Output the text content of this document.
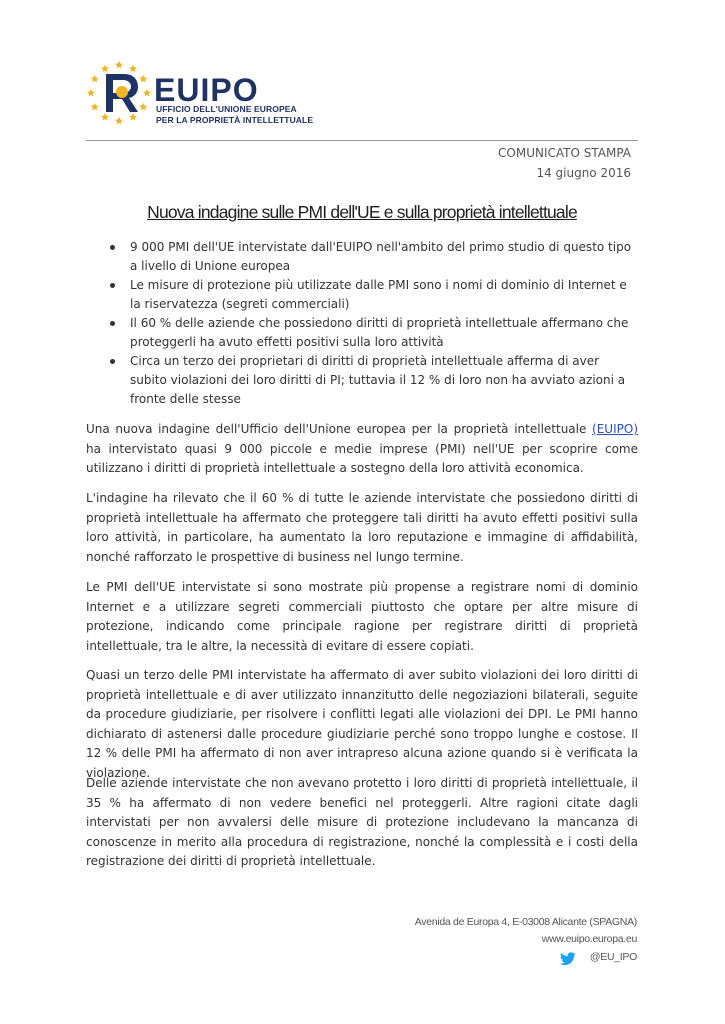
EUIPO
UFFICIO DELL'UNIONE EUROPEA
PER LA PROPRIETÀ INTELLETTUALE
COMUNICATO STAMPA
14 giugno 2016
Nuova indagine sulle PMI dell'UE e sulla proprietà intellettuale
9 000 PMI dell'UE intervistate dall'EUIPO nell'ambito del primo studio di questo tipo a livello di Unione europea
Le misure di protezione più utilizzate dalle PMI sono i nomi di dominio di Internet e la riservatezza (segreti commerciali)
Il 60 % delle aziende che possiedono diritti di proprietà intellettuale affermano che proteggerli ha avuto effetti positivi sulla loro attività
Circa un terzo dei proprietari di diritti di proprietà intellettuale afferma di aver subito violazioni dei loro diritti di PI; tuttavia il 12 % di loro non ha avviato azioni a fronte delle stesse

Una nuova indagine dell'Ufficio dell'Unione europea per la proprietà intellettuale (EUIPO) ha intervistato quasi 9 000 piccole e medie imprese (PMI) nell'UE per scoprire come utilizzano i diritti di proprietà intellettuale a sostegno della loro attività economica.

L'indagine ha rilevato che il 60 % di tutte le aziende intervistate che possiedono diritti di proprietà intellettuale ha affermato che proteggere tali diritti ha avuto effetti positivi sulla loro attività, in particolare, ha aumentato la loro reputazione e immagine di affidabilità, nonché rafforzato le prospettive di business nel lungo termine.

Le PMI dell'UE intervistate si sono mostrate più propense a registrare nomi di dominio Internet e a utilizzare segreti commerciali piuttosto che optare per altre misure di protezione, indicando come principale ragione per registrare diritti di proprietà intellettuale, tra le altre, la necessità di evitare di essere copiati.

Quasi un terzo delle PMI intervistate ha affermato di aver subito violazioni dei loro diritti di proprietà intellettuale e di aver utilizzato innanzitutto delle negoziazioni bilaterali, seguite da procedure giudiziarie, per risolvere i conflitti legati alle violazioni dei DPI. Le PMI hanno dichiarato di astenersi dalle procedure giudiziarie perché sono troppo lunghe e costose. Il 12 % delle PMI ha affermato di non aver intrapreso alcuna azione quando si è verificata la violazione.

Delle aziende intervistate che non avevano protetto i loro diritti di proprietà intellettuale, il 35 % ha affermato di non vedere benefici nel proteggerli. Altre ragioni citate dagli intervistati per non avvalersi delle misure di protezione includevano la mancanza di conoscenze in merito alla procedura di registrazione, nonché la complessità e i costi della registrazione dei diritti di proprietà intellettuale.

Avenida de Europa 4, E-03008 Alicante (SPAGNA)
www.euipo.europa.eu
@EU_IPO
